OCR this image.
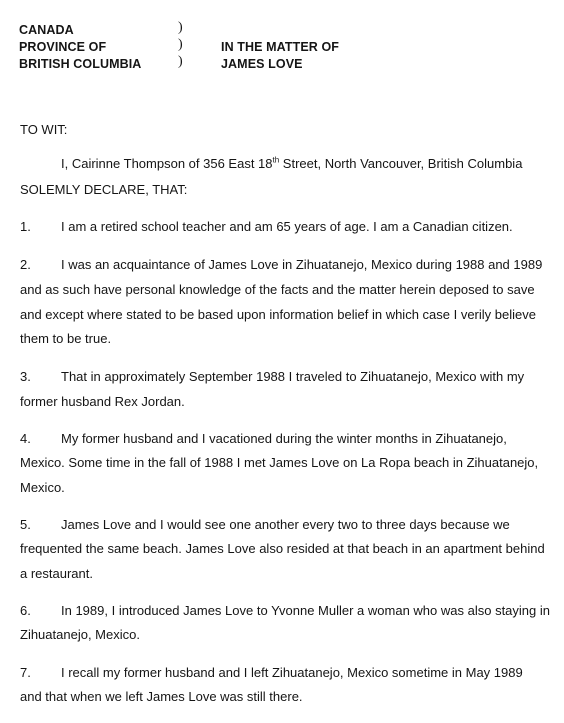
CANADA
PROVINCE OF
BRITISH COLUMBIA
)
)
)
IN THE MATTER OF
JAMES LOVE
TO WIT:
I, Cairinne Thompson of 356 East 18th Street, North Vancouver, British Columbia
SOLEMLY DECLARE, THAT:
1. I am a retired school teacher and am 65 years of age. I am a Canadian citizen.
2. I was an acquaintance of James Love in Zihuatanejo, Mexico during 1988 and 1989
and as such have personal knowledge of the facts and the matter herein deposed to save
and except where stated to be based upon information belief in which case I verily believe
them to be true.
3. That in approximately September 1988 I traveled to Zihuatanejo, Mexico with my
former husband Rex Jordan.
4. My former husband and I vacationed during the winter months in Zihuatanejo,
Mexico. Some time in the fall of 1988 I met James Love on La Ropa beach in Zihuatanejo,
Mexico.
5. James Love and I would see one another every two to three days because we
frequented the same beach. James Love also resided at that beach in an apartment behind
a restaurant.
6. In 1989, I introduced James Love to Yvonne Muller a woman who was also staying in
Zihuatanejo, Mexico.
7. I recall my former husband and I left Zihuatanejo, Mexico sometime in May 1989
and that when we left James Love was still there.
